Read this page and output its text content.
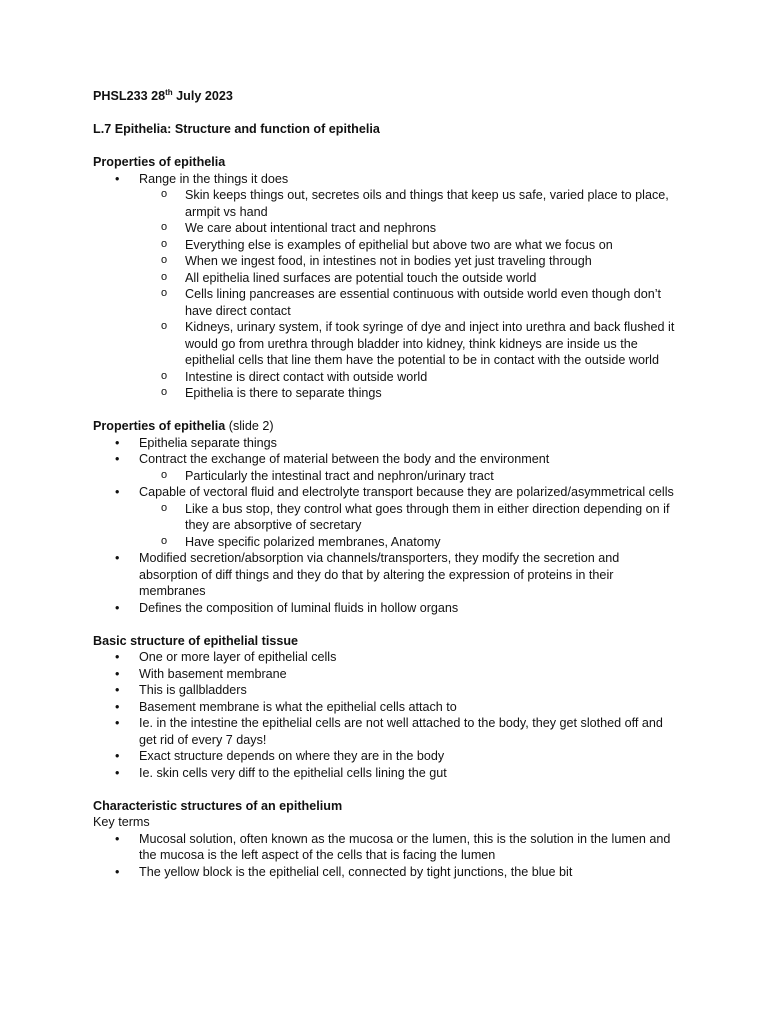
PHSL233 28th July 2023
L.7 Epithelia: Structure and function of epithelia
Properties of epithelia
• Range in the things it does
o Skin keeps things out, secretes oils and things that keep us safe, varied place to place, armpit vs hand
o We care about intentional tract and nephrons
o Everything else is examples of epithelial but above two are what we focus on
o When we ingest food, in intestines not in bodies yet just traveling through
o All epithelia lined surfaces are potential touch the outside world
o Cells lining pancreases are essential continuous with outside world even though don’t have direct contact
o Kidneys, urinary system, if took syringe of dye and inject into urethra and back flushed it would go from urethra through bladder into kidney, think kidneys are inside us the epithelial cells that line them have the potential to be in contact with the outside world
o Intestine is direct contact with outside world
o Epithelia is there to separate things
Properties of epithelia (slide 2)
• Epithelia separate things
• Contract the exchange of material between the body and the environment
o Particularly the intestinal tract and nephron/urinary tract
• Capable of vectoral fluid and electrolyte transport because they are polarized/asymmetrical cells
o Like a bus stop, they control what goes through them in either direction depending on if they are absorptive of secretary
o Have specific polarized membranes, Anatomy
• Modified secretion/absorption via channels/transporters, they modify the secretion and absorption of diff things and they do that by altering the expression of proteins in their membranes
• Defines the composition of luminal fluids in hollow organs
Basic structure of epithelial tissue
• One or more layer of epithelial cells
• With basement membrane
• This is gallbladders
• Basement membrane is what the epithelial cells attach to
• Ie. in the intestine the epithelial cells are not well attached to the body, they get slothed off and get rid of every 7 days!
• Exact structure depends on where they are in the body
• Ie. skin cells very diff to the epithelial cells lining the gut
Characteristic structures of an epithelium
Key terms
• Mucosal solution, often known as the mucosa or the lumen, this is the solution in the lumen and the mucosa is the left aspect of the cells that is facing the lumen
• The yellow block is the epithelial cell, connected by tight junctions, the blue bit
